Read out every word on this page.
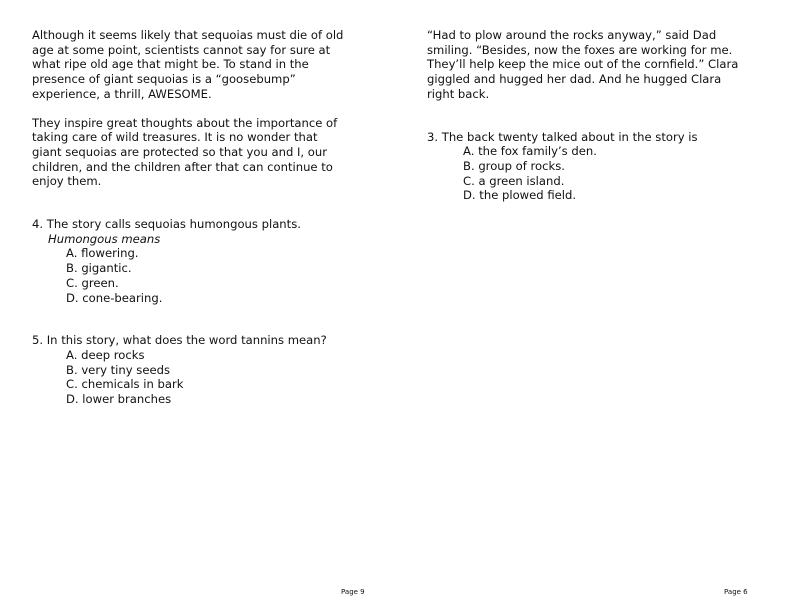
Although it seems likely that sequoias must die of old
age at some point, scientists cannot say for sure at
what ripe old age that might be. To stand in the
presence of giant sequoias is a “goosebump”
experience, a thrill, AWESOME.

They inspire great thoughts about the importance of
taking care of wild treasures. It is no wonder that
giant sequoias are protected so that you and I, our
children, and the children after that can continue to
enjoy them.

4. The story calls sequoias humongous plants.

Humongous means

A. flowering.
B. gigantic.
C. green.
D. cone-bearing.

5. In this story, what does the word tannins mean?

A. deep rocks
B. very tiny seeds
C. chemicals in bark
D. lower branches

“Had to plow around the rocks anyway,” said Dad
smiling. “Besides, now the foxes are working for me.
They’ll help keep the mice out of the cornfield.” Clara
giggled and hugged her dad. And he hugged Clara
right back.

3. The back twenty talked about in the story is

A. the fox family’s den.
B. group of rocks.
C. a green island.
D. the plowed field.
Page 9	Page 6
